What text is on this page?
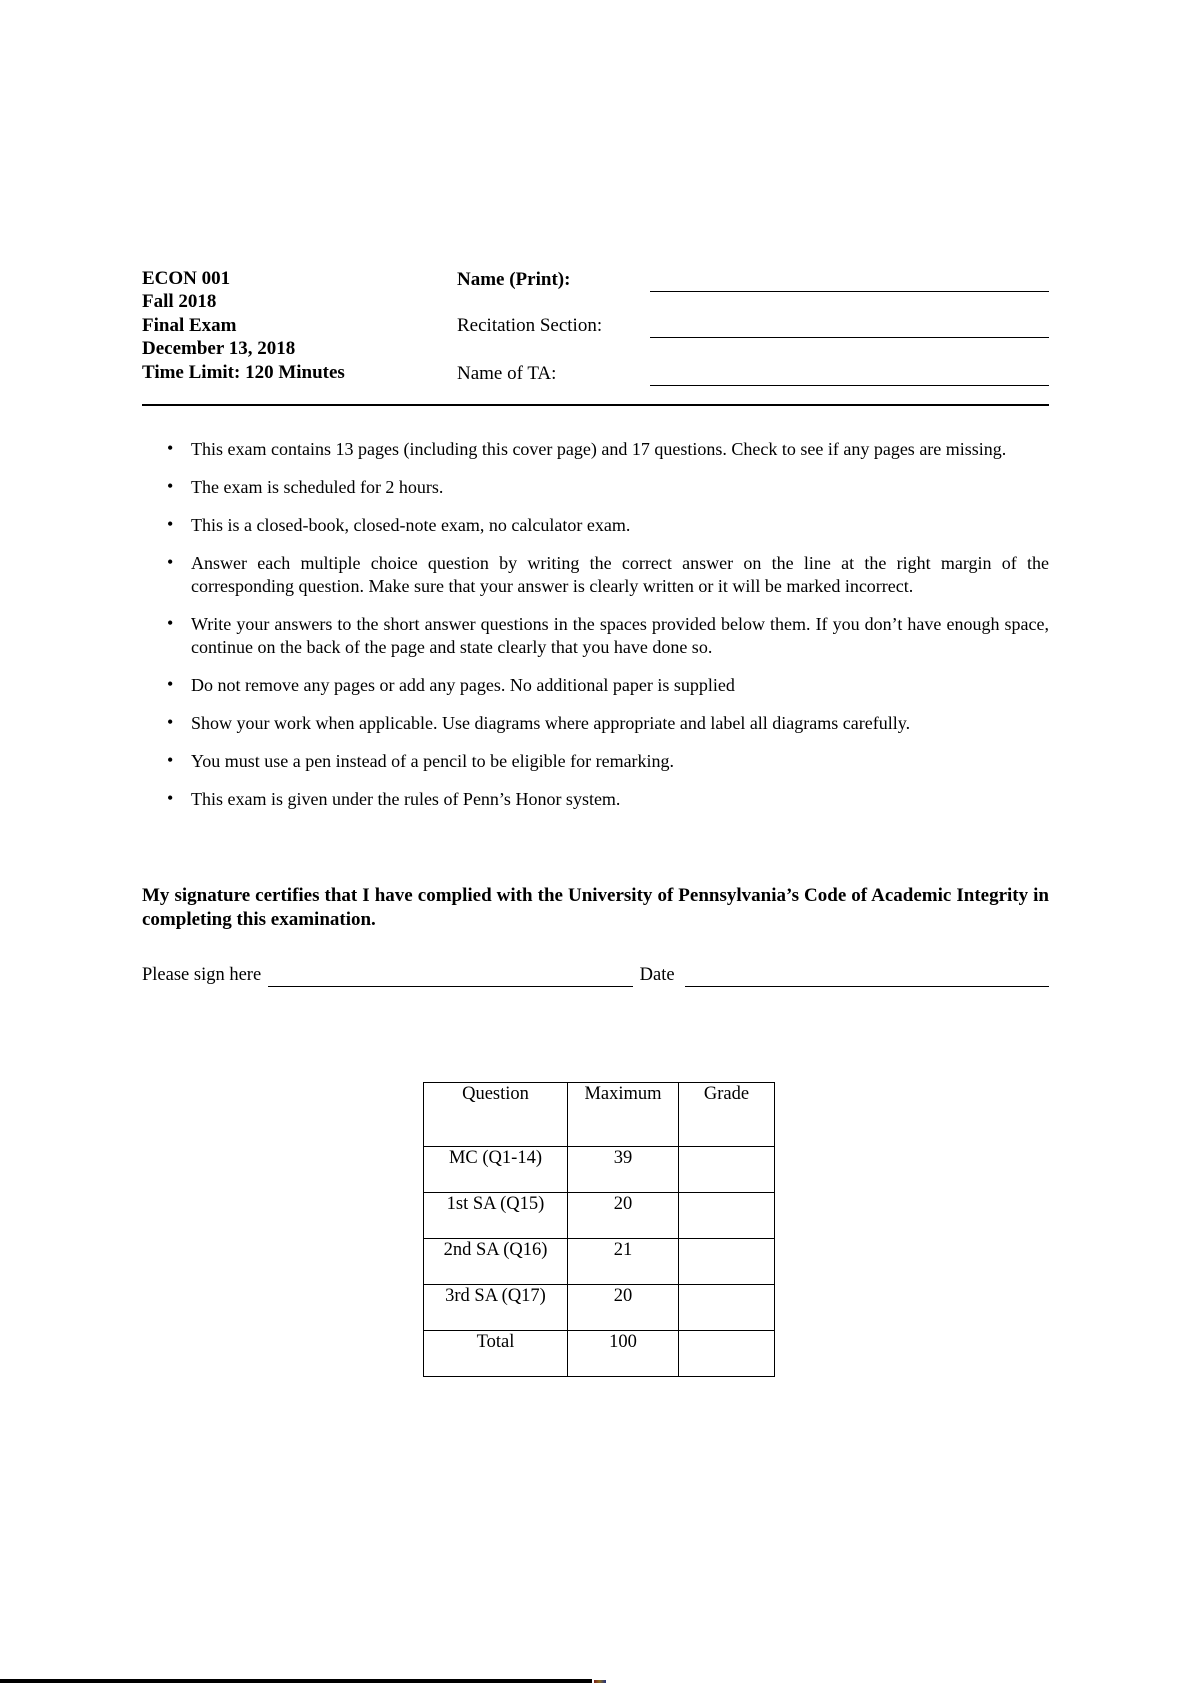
ECON 001
Fall 2018
Final Exam
December 13, 2018
Time Limit: 120 Minutes
Name (Print):
Recitation Section:
Name of TA:
• This exam contains 13 pages (including this cover page) and 17 questions. Check to see if any pages are missing.
• The exam is scheduled for 2 hours.
• This is a closed-book, closed-note exam, no calculator exam.
• Answer each multiple choice question by writing the correct answer on the line at the right margin of the corresponding question. Make sure that your answer is clearly written or it will be marked incorrect.
• Write your answers to the short answer questions in the spaces provided below them. If you don’t have enough space, continue on the back of the page and state clearly that you have done so.
• Do not remove any pages or add any pages. No additional paper is supplied
• Show your work when applicable. Use diagrams where appropriate and label all diagrams carefully.
• You must use a pen instead of a pencil to be eligible for remarking.
• This exam is given under the rules of Penn’s Honor system.

My signature certifies that I have complied with the University of Pennsylvania’s Code of Academic Integrity in completing this examination.

Please sign here	Date
Question	Maximum	Grade
MC (Q1-14)	39	
1st SA (Q15)	20	
2nd SA (Q16)	21	
3rd SA (Q17)	20	
Total	100	
